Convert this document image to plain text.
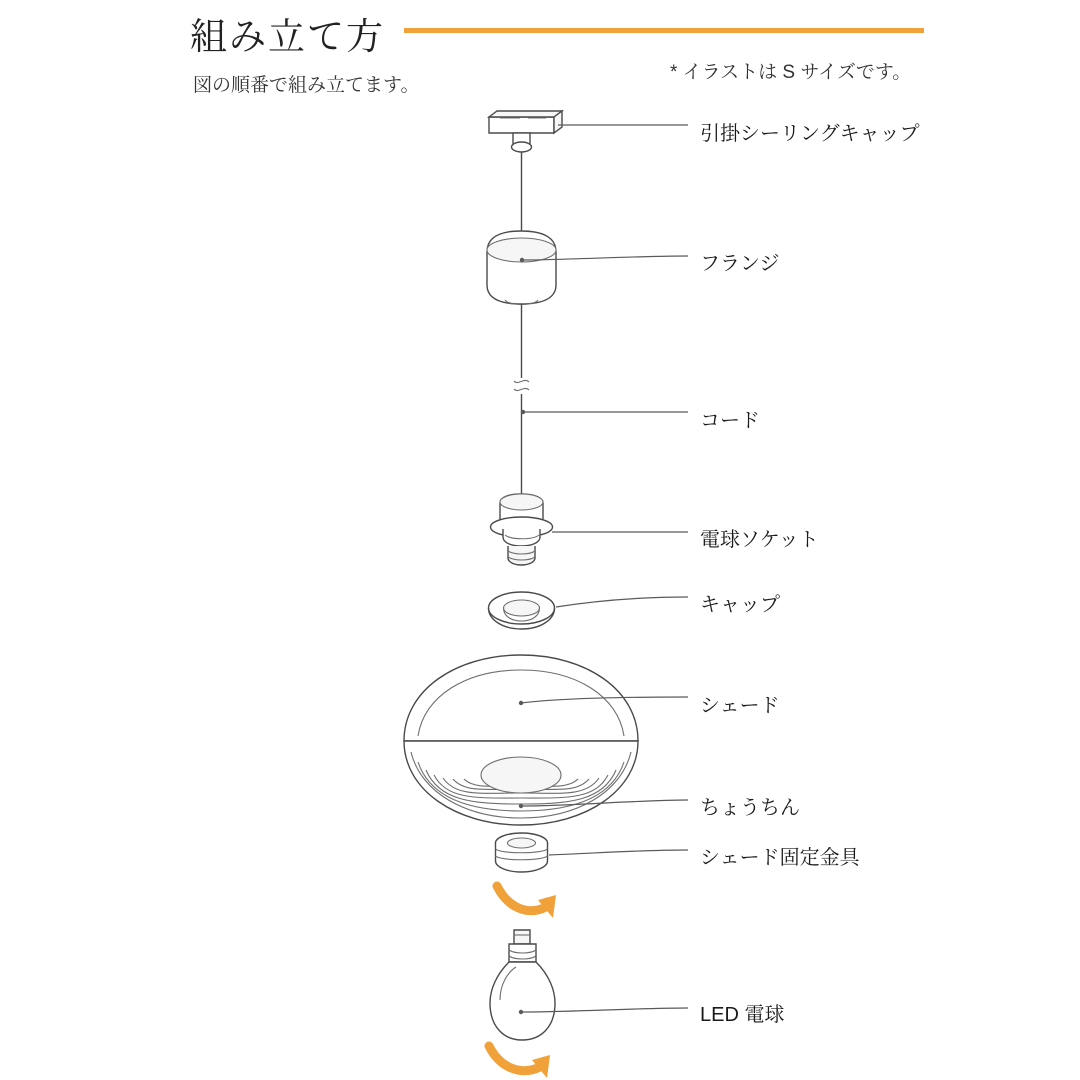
組み立て方
図の順番で組み立てます。
* イラストは S サイズです。
引掛シーリングキャップ
フランジ
コード
電球ソケット
キャップ
シェード
ちょうちん
シェード固定金具
LED 電球
